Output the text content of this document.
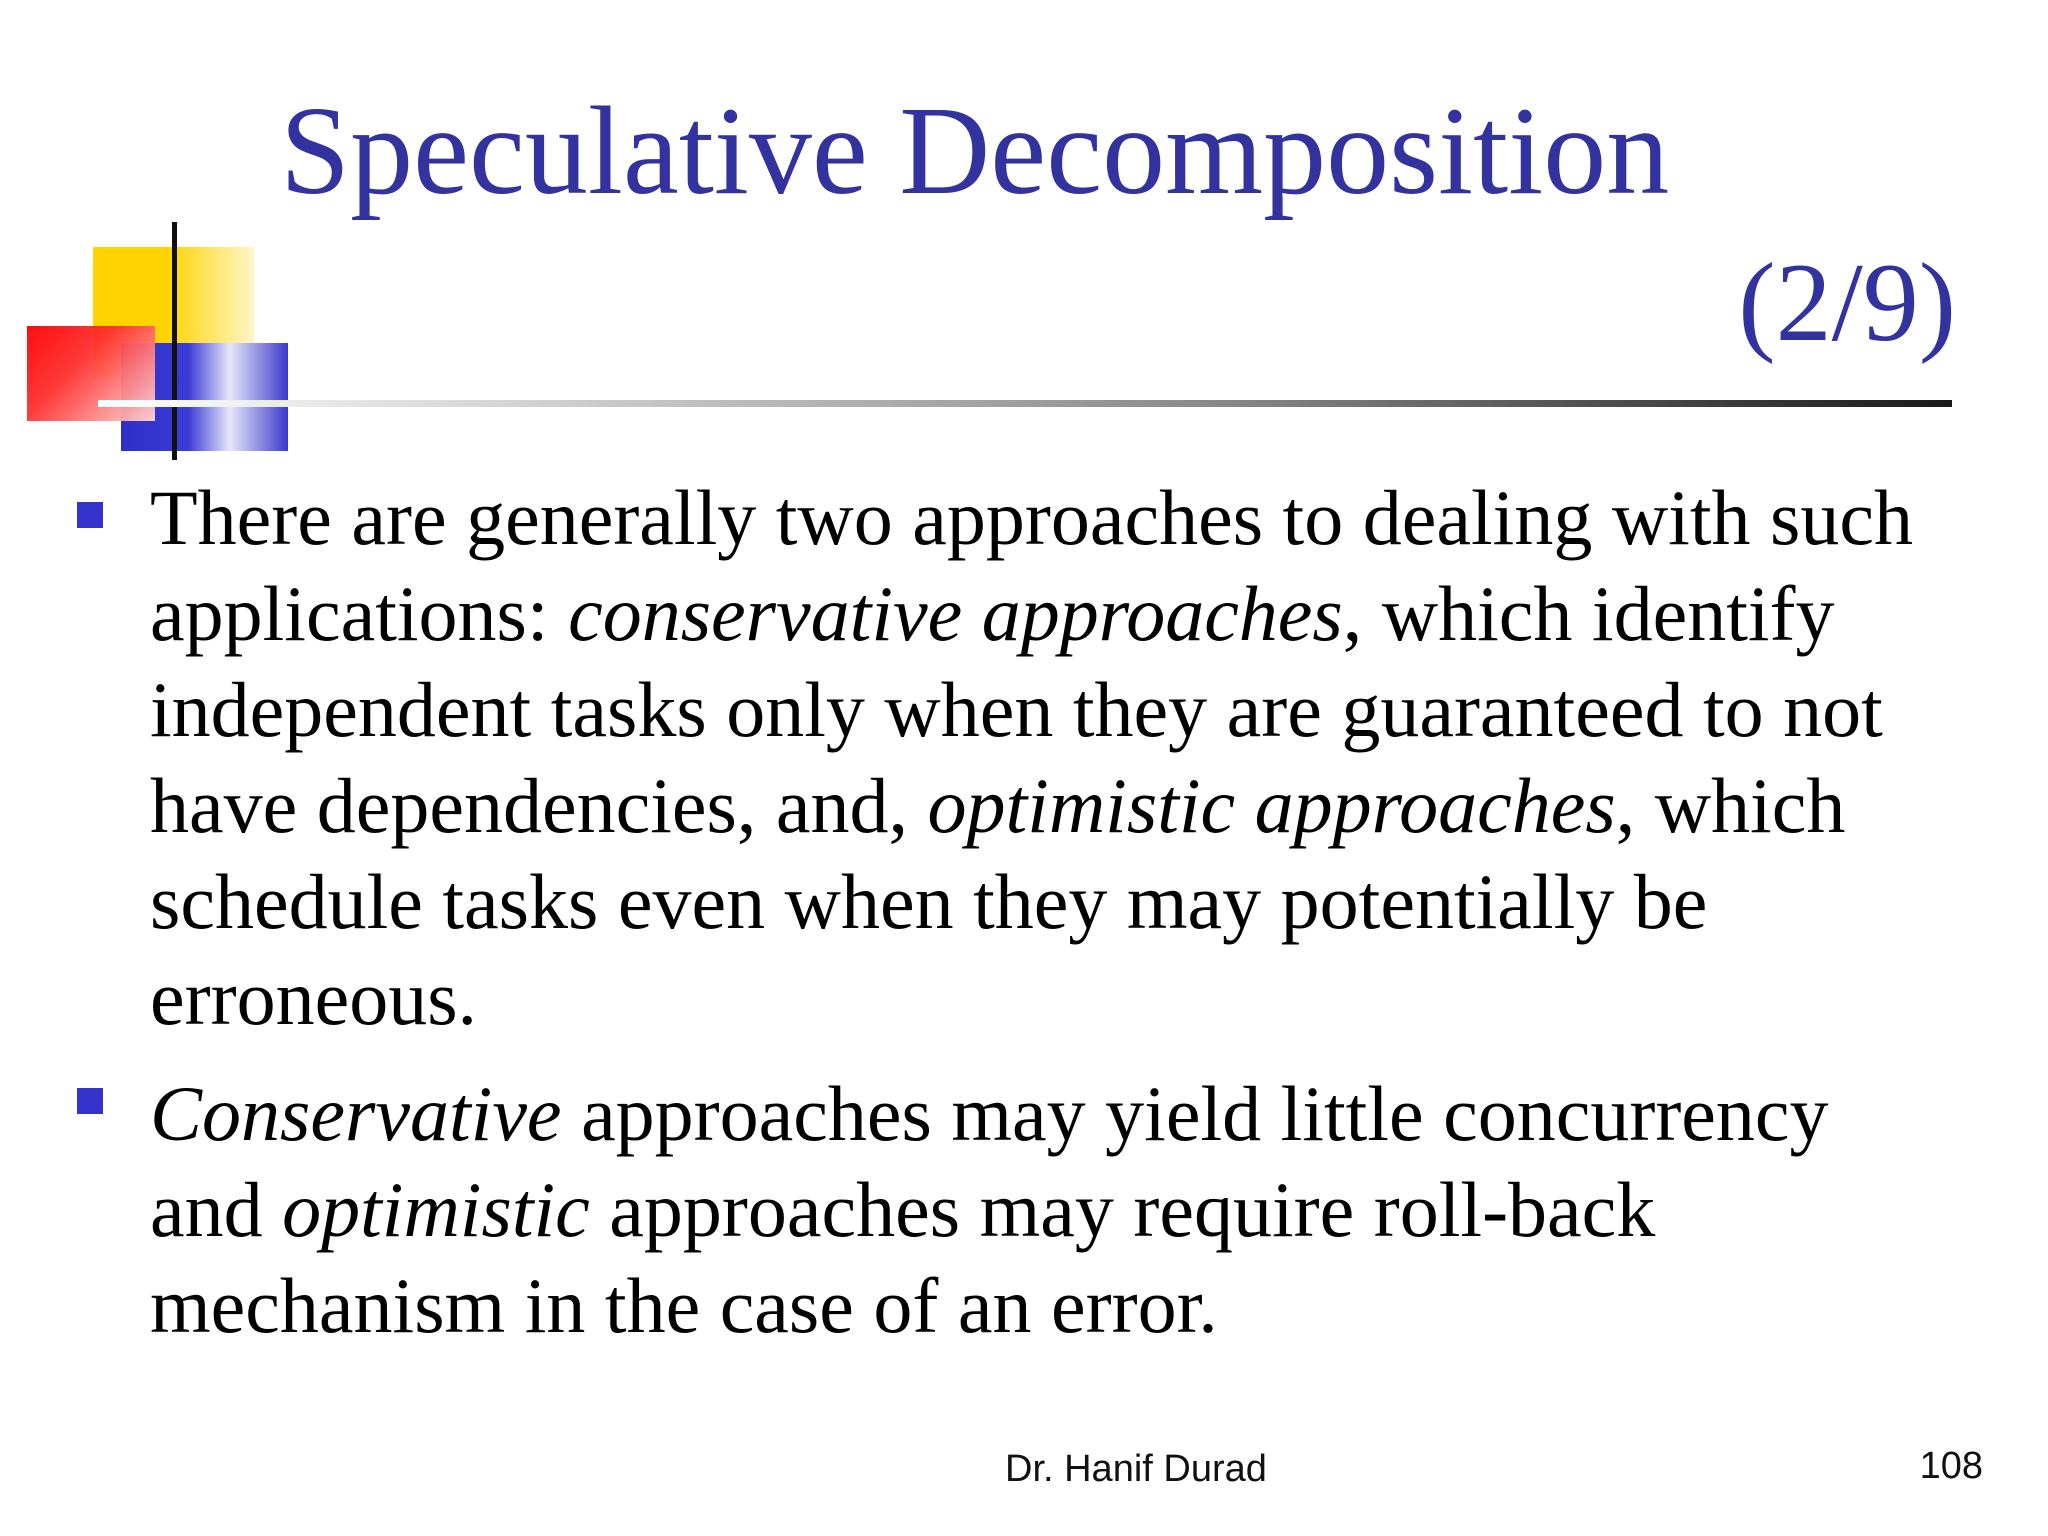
Speculative Decomposition
(2/9)
There are generally two approaches to dealing with such applications: conservative approaches, which identify independent tasks only when they are guaranteed to not have dependencies, and, optimistic approaches, which schedule tasks even when they may potentially be erroneous.
Conservative approaches may yield little concurrency and optimistic approaches may require roll-back mechanism in the case of an error.
Dr. Hanif Durad	108
